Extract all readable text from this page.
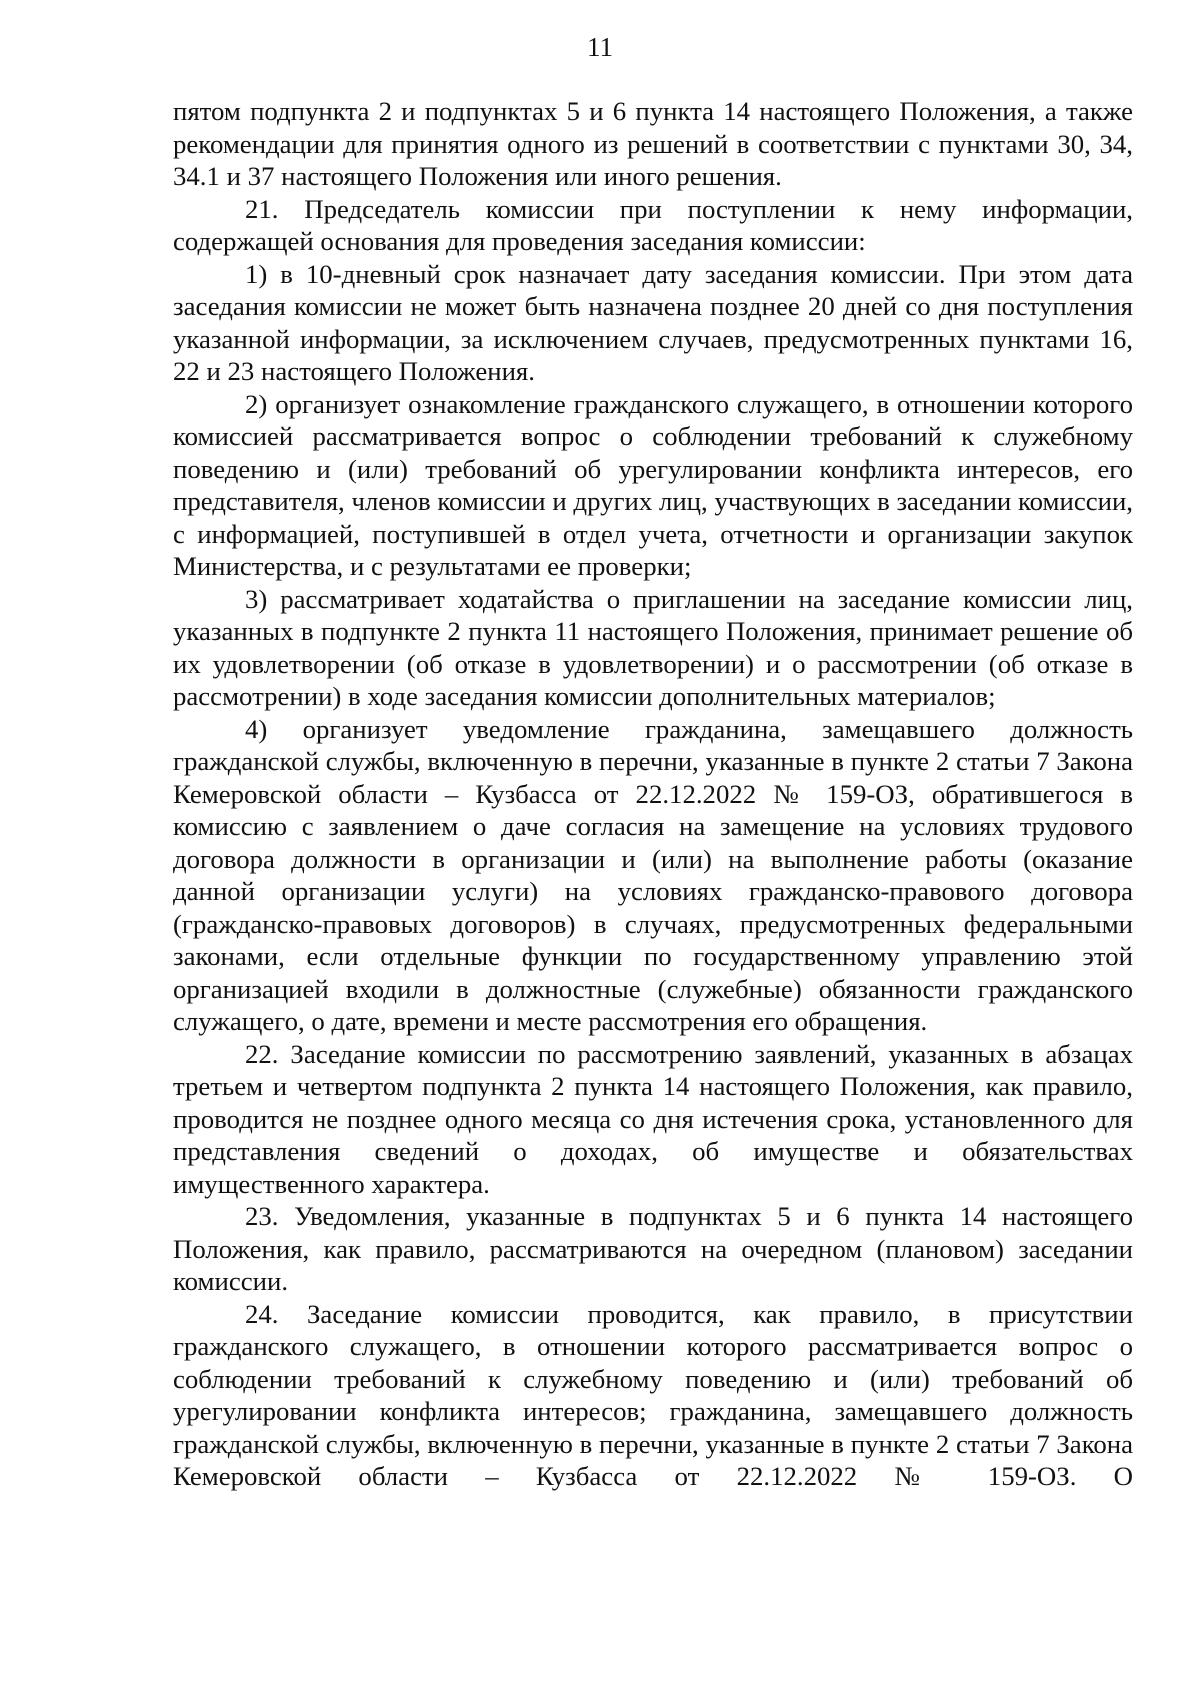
11

пятом подпункта 2 и подпунктах 5 и 6 пункта 14 настоящего Положения, а также рекомендации для принятия одного из решений в соответствии с пунктами 30, 34, 34.1 и 37 настоящего Положения или иного решения.

21. Председатель комиссии при поступлении к нему информации, содержащей основания для проведения заседания комиссии:

1) в 10-дневный срок назначает дату заседания комиссии. При этом дата заседания комиссии не может быть назначена позднее 20 дней со дня поступления указанной информации, за исключением случаев, предусмотренных пунктами 16, 22 и 23 настоящего Положения.

2) организует ознакомление гражданского служащего, в отношении которого комиссией рассматривается вопрос о соблюдении требований к служебному поведению и (или) требований об урегулировании конфликта интересов, его представителя, членов комиссии и других лиц, участвующих в заседании комиссии, с информацией, поступившей в отдел учета, отчетности и организации закупок Министерства, и с результатами ее проверки;

3) рассматривает ходатайства о приглашении на заседание комиссии лиц, указанных в подпункте 2 пункта 11 настоящего Положения, принимает решение об их удовлетворении (об отказе в удовлетворении) и о рассмотрении (об отказе в рассмотрении) в ходе заседания комиссии дополнительных материалов;

4) организует уведомление гражданина, замещавшего должность гражданской службы, включенную в перечни, указанные в пункте 2 статьи 7 Закона Кемеровской области – Кузбасса от 22.12.2022 № 159-ОЗ, обратившегося в комиссию с заявлением о даче согласия на замещение на условиях трудового договора должности в организации и (или) на выполнение работы (оказание данной организации услуги) на условиях гражданско-правового договора (гражданско-правовых договоров) в случаях, предусмотренных федеральными законами, если отдельные функции по государственному управлению этой организацией входили в должностные (служебные) обязанности гражданского служащего, о дате, времени и месте рассмотрения его обращения.

22. Заседание комиссии по рассмотрению заявлений, указанных в абзацах третьем и четвертом подпункта 2 пункта 14 настоящего Положения, как правило, проводится не позднее одного месяца со дня истечения срока, установленного для представления сведений о доходах, об имуществе и обязательствах имущественного характера.

23. Уведомления, указанные в подпунктах 5 и 6 пункта 14 настоящего Положения, как правило, рассматриваются на очередном (плановом) заседании комиссии.

24. Заседание комиссии проводится, как правило, в присутствии гражданского служащего, в отношении которого рассматривается вопрос о соблюдении требований к служебному поведению и (или) требований об урегулировании конфликта интересов; гражданина, замещавшего должность гражданской службы, включенную в перечни, указанные в пункте 2 статьи 7 Закона Кемеровской области – Кузбасса от 22.12.2022 № 159-ОЗ. О
